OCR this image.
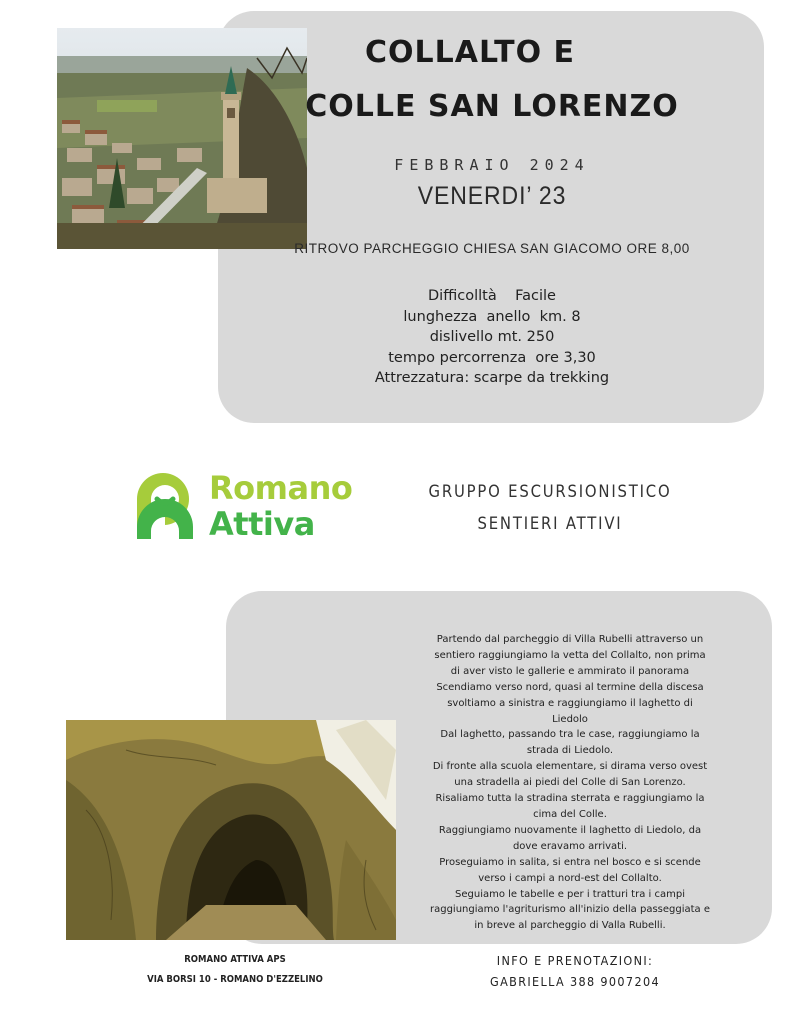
COLLALTO E
COLLE SAN LORENZO
FEBBRAIO 2024
VENERDI’ 23
RITROVO PARCHEGGIO CHIESA SAN GIACOMO ORE 8,00
Difficolltà    Facile
lunghezza  anello  km. 8
dislivello mt. 250
tempo percorrenza  ore 3,30
Attrezzatura: scarpe da trekking
Romano
Attiva
GRUPPO ESCURSIONISTICO
SENTIERI ATTIVI
Partendo dal parcheggio di Villa Rubelli attraverso un
sentiero raggiungiamo la vetta del Collalto, non prima
di aver visto le gallerie e ammirato il panorama
Scendiamo verso nord, quasi al termine della discesa
svoltiamo a sinistra e raggiungiamo il laghetto di
Liedolo
Dal laghetto, passando tra le case, raggiungiamo la
strada di Liedolo.
Di fronte alla scuola elementare, si dirama verso ovest
una stradella ai piedi del Colle di San Lorenzo.
Risaliamo tutta la stradina sterrata e raggiungiamo la
cima del Colle.
Raggiungiamo nuovamente il laghetto di Liedolo, da
dove eravamo arrivati.
Proseguiamo in salita, si entra nel bosco e si scende
verso i campi a nord-est del Collalto.
Seguiamo le tabelle e per i tratturi tra i campi
raggiungiamo l'agriturismo all'inizio della passeggiata e
in breve al parcheggio di Valla Rubelli.
ROMANO ATTIVA APS
VIA BORSI 10 - ROMANO D'EZZELINO
INFO E PRENOTAZIONI:
GABRIELLA 388 9007204
